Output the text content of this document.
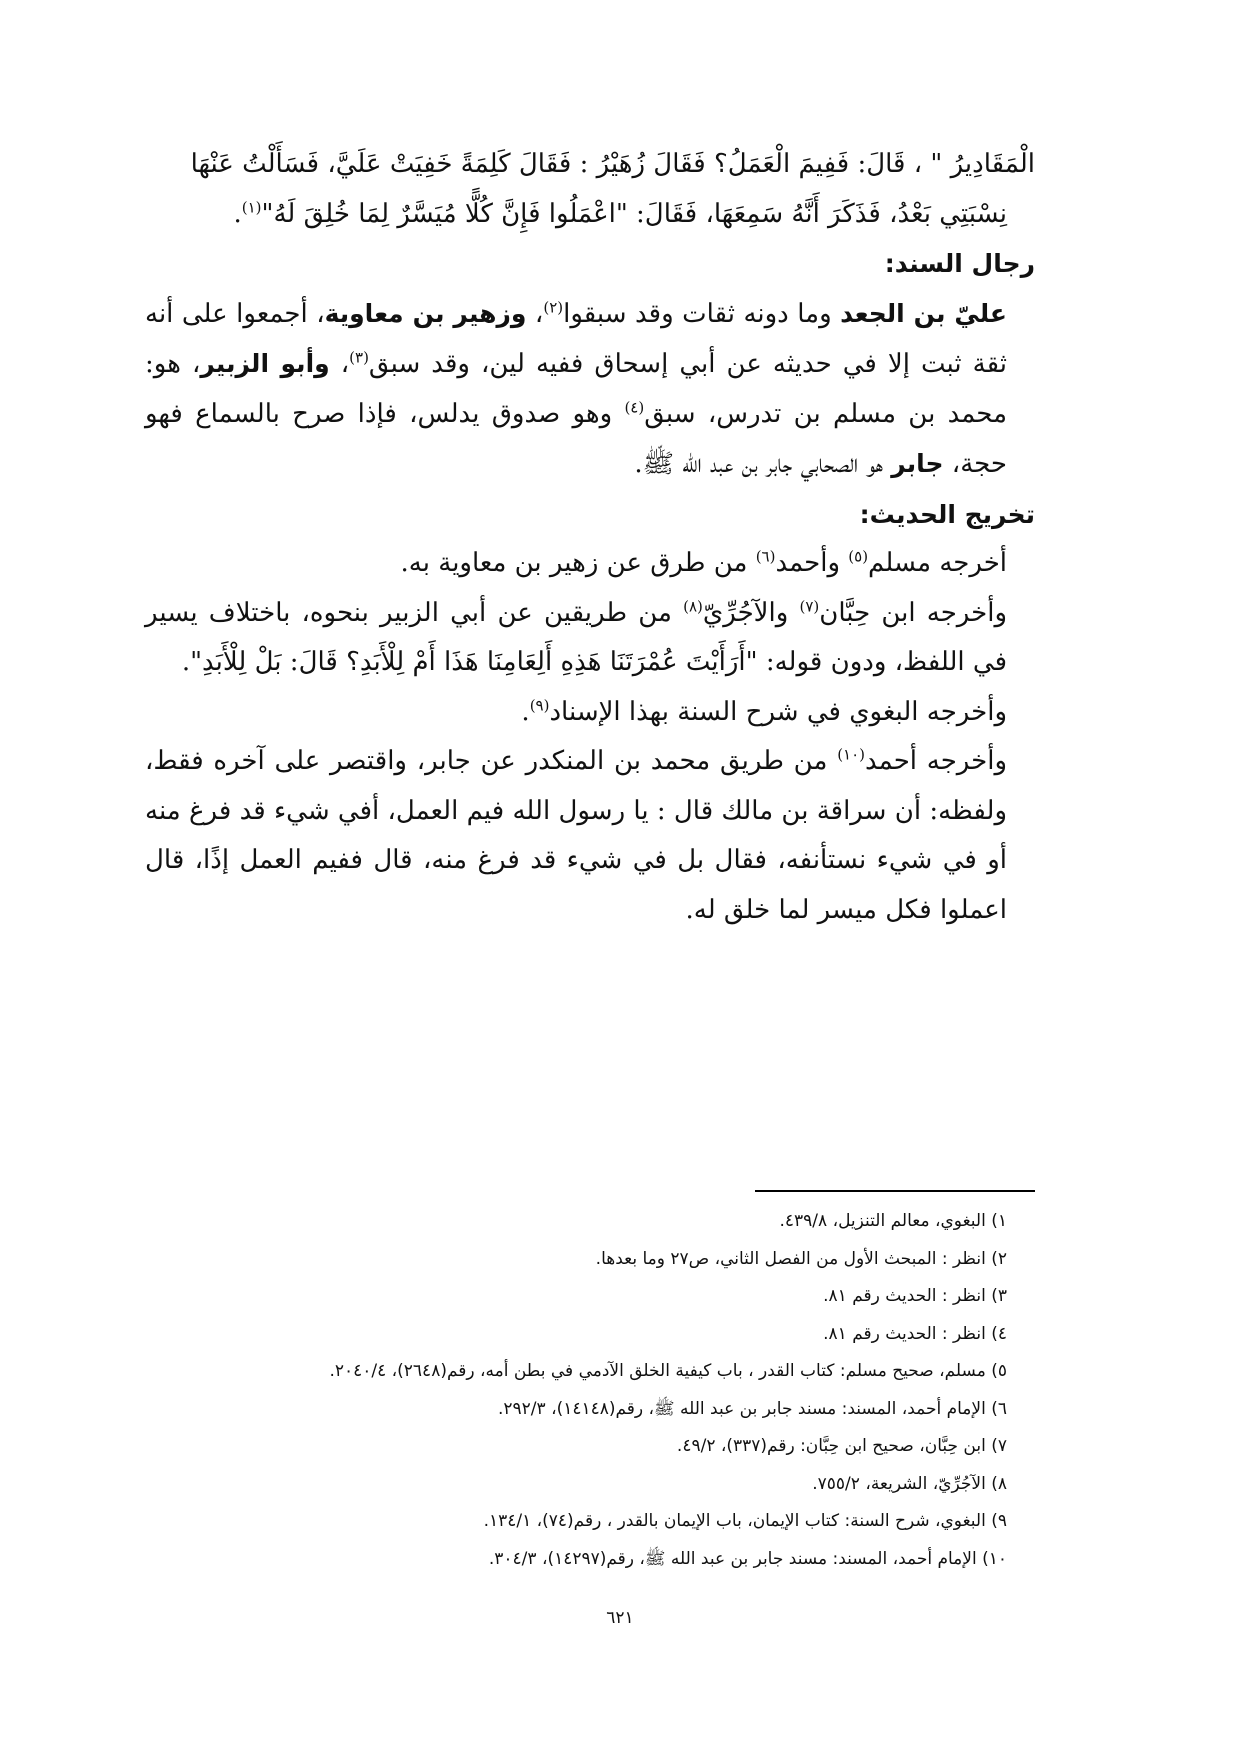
الْمَقَادِيرُ " ، قَالَ: فَفِيمَ الْعَمَلُ؟ فَقَالَ زُهَيْرُ : فَقَالَ كَلِمَةً خَفِيَتْ عَلَيَّ، فَسَأَلْتُ عَنْهَا
نِسْبَتِي بَعْدُ، فَذَكَرَ أَنَّهُ سَمِعَهَا، فَقَالَ: "اعْمَلُوا فَإِنَّ كُلًّا مُيَسَّرٌ لِمَا خُلِقَ لَهُ"$^{(١)}$.

رجال السند:

عليّ بن الجعد وما دونه ثقات وقد سبقوا$^{(٢)}$، وزهير بن معاوية، أجمعوا على أنه ثقة ثبت إلا في حديثه عن أبي إسحاق ففيه لين، وقد سبق$^{(٣)}$، وأبو الزبير، هو: محمد بن مسلم بن تدرس، سبق$^{(٤)}$ وهو صدوق يدلس، فإذا صرح بالسماع فهو حجة، جابر هو الصحابي جابر بن عبد الله ﷺ.

تخريج الحديث:

أخرجه مسلم$^{(٥)}$ وأحمد$^{(٦)}$ من طرق عن زهير بن معاوية به.

وأخرجه ابن حِبَّان$^{(٧)}$ والآجُرِّيّ$^{(٨)}$ من طريقين عن أبي الزبير بنحوه، باختلاف يسير في اللفظ، ودون قوله: "أَرَأَيْتَ عُمْرَتَنَا هَذِهِ أَلِعَامِنَا هَذَا أَمْ لِلْأَبَدِ؟ قَالَ: بَلْ لِلْأَبَدِ".

وأخرجه البغوي في شرح السنة بهذا الإسناد$^{(٩)}$.

وأخرجه أحمد$^{(١٠)}$ من طريق محمد بن المنكدر عن جابر، واقتصر على آخره فقط، ولفظه: أن سراقة بن مالك قال : يا رسول الله فيم العمل، أفي شيء قد فرغ منه أو في شيء نستأنفه، فقال بل في شيء قد فرغ منه، قال ففيم العمل إذًا، قال اعملوا فكل ميسر لما خلق له.

١) البغوي، معالم التنزيل، ٤٣٩/٨.
٢) انظر : المبحث الأول من الفصل الثاني، ص٢٧ وما بعدها.
٣) انظر : الحديث رقم ٨١.
٤) انظر : الحديث رقم ٨١.
٥) مسلم، صحيح مسلم: كتاب القدر ، باب كيفية الخلق الآدمي في بطن أمه، رقم(٢٦٤٨)، ٢٠٤٠/٤.
٦) الإمام أحمد، المسند: مسند جابر بن عبد الله ﷺ، رقم(١٤١٤٨)، ٢٩٢/٣.
٧) ابن حِبَّان، صحيح ابن حِبَّان: رقم(٣٣٧)، ٤٩/٢.
٨) الآجُرِّيّ، الشريعة، ٧٥٥/٢.
٩) البغوي، شرح السنة: كتاب الإيمان، باب الإيمان بالقدر ، رقم(٧٤)، ١٣٤/١.
١٠) الإمام أحمد، المسند: مسند جابر بن عبد الله ﷺ، رقم(١٤٢٩٧)، ٣٠٤/٣.
٦٢١
